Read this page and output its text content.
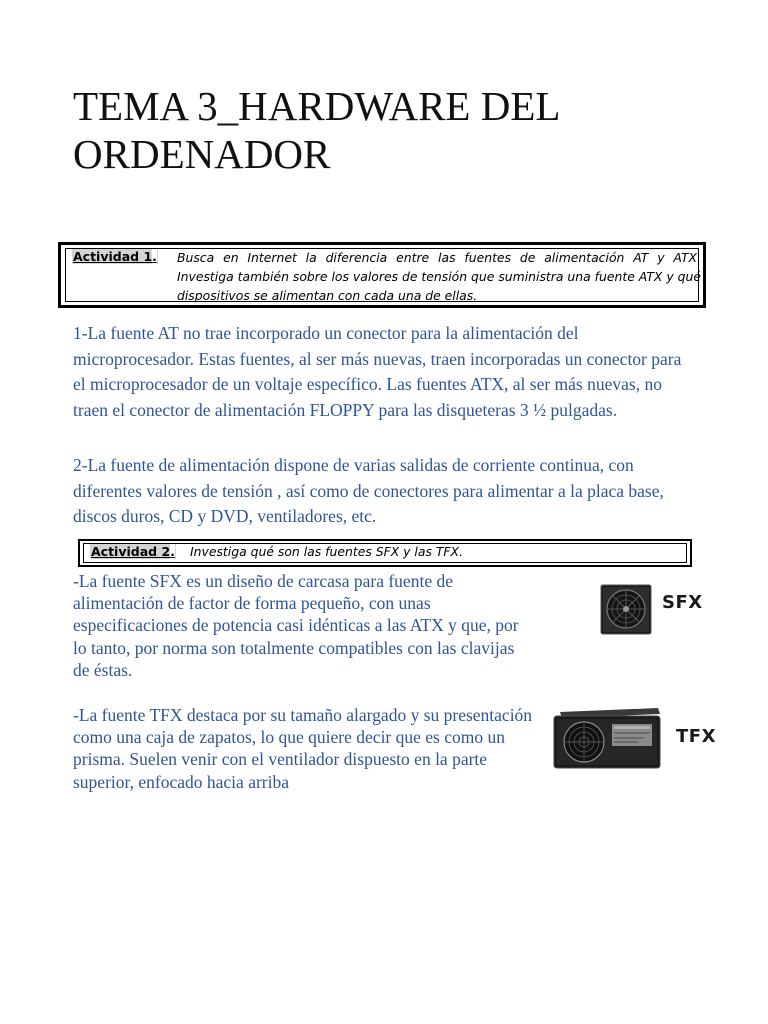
TEMA 3_HARDWARE DEL ORDENADOR
Actividad 1. Busca en Internet la diferencia entre las fuentes de alimentación AT y ATX. Investiga también sobre los valores de tensión que suministra una fuente ATX y qué dispositivos se alimentan con cada una de ellas.

1-La fuente AT no trae incorporado un conector para la alimentación del microprocesador. Estas fuentes, al ser más nuevas, traen incorporadas un conector para el microprocesador de un voltaje específico. Las fuentes ATX, al ser más nuevas, no traen el conector de alimentación FLOPPY para las disqueteras 3 ½ pulgadas.

2-La fuente de alimentación dispone de varias salidas de corriente continua, con diferentes valores de tensión , así como de conectores para alimentar a la placa base, discos duros, CD y DVD, ventiladores, etc.

Actividad 2. Investiga qué son las fuentes SFX y las TFX.

-La fuente SFX es un diseño de carcasa para fuente de alimentación de factor de forma pequeño, con unas especificaciones de potencia casi idénticas a las ATX y que, por lo tanto, por norma son totalmente compatibles con las clavijas de éstas.

-La fuente TFX destaca por su tamaño alargado y su presentación como una caja de zapatos, lo que quiere decir que es como un prisma. Suelen venir con el ventilador dispuesto en la parte superior, enfocado hacia arriba

SFX
TFX
